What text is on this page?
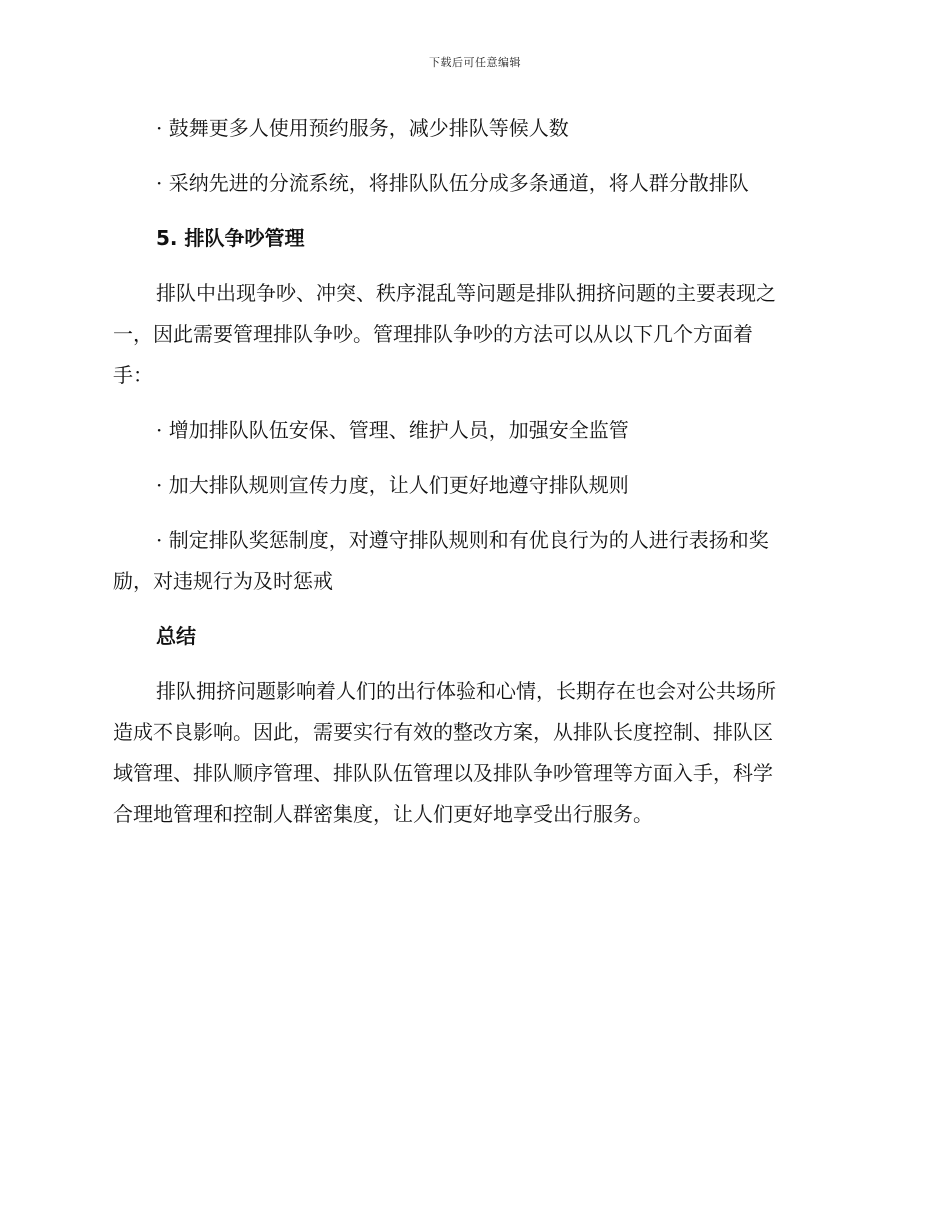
下载后可任意编辑

· 鼓舞更多人使用预约服务，减少排队等候人数

· 采纳先进的分流系统，将排队队伍分成多条通道，将人群分散排队

5. 排队争吵管理

排队中出现争吵、冲突、秩序混乱等问题是排队拥挤问题的主要表现之

一，因此需要管理排队争吵。管理排队争吵的方法可以从以下几个方面着

手：

· 增加排队队伍安保、管理、维护人员，加强安全监管

· 加大排队规则宣传力度，让人们更好地遵守排队规则

· 制定排队奖惩制度，对遵守排队规则和有优良行为的人进行表扬和奖

励，对违规行为及时惩戒

总结

排队拥挤问题影响着人们的出行体验和心情，长期存在也会对公共场所

造成不良影响。因此，需要实行有效的整改方案，从排队长度控制、排队区

域管理、排队顺序管理、排队队伍管理以及排队争吵管理等方面入手，科学

合理地管理和控制人群密集度，让人们更好地享受出行服务。
